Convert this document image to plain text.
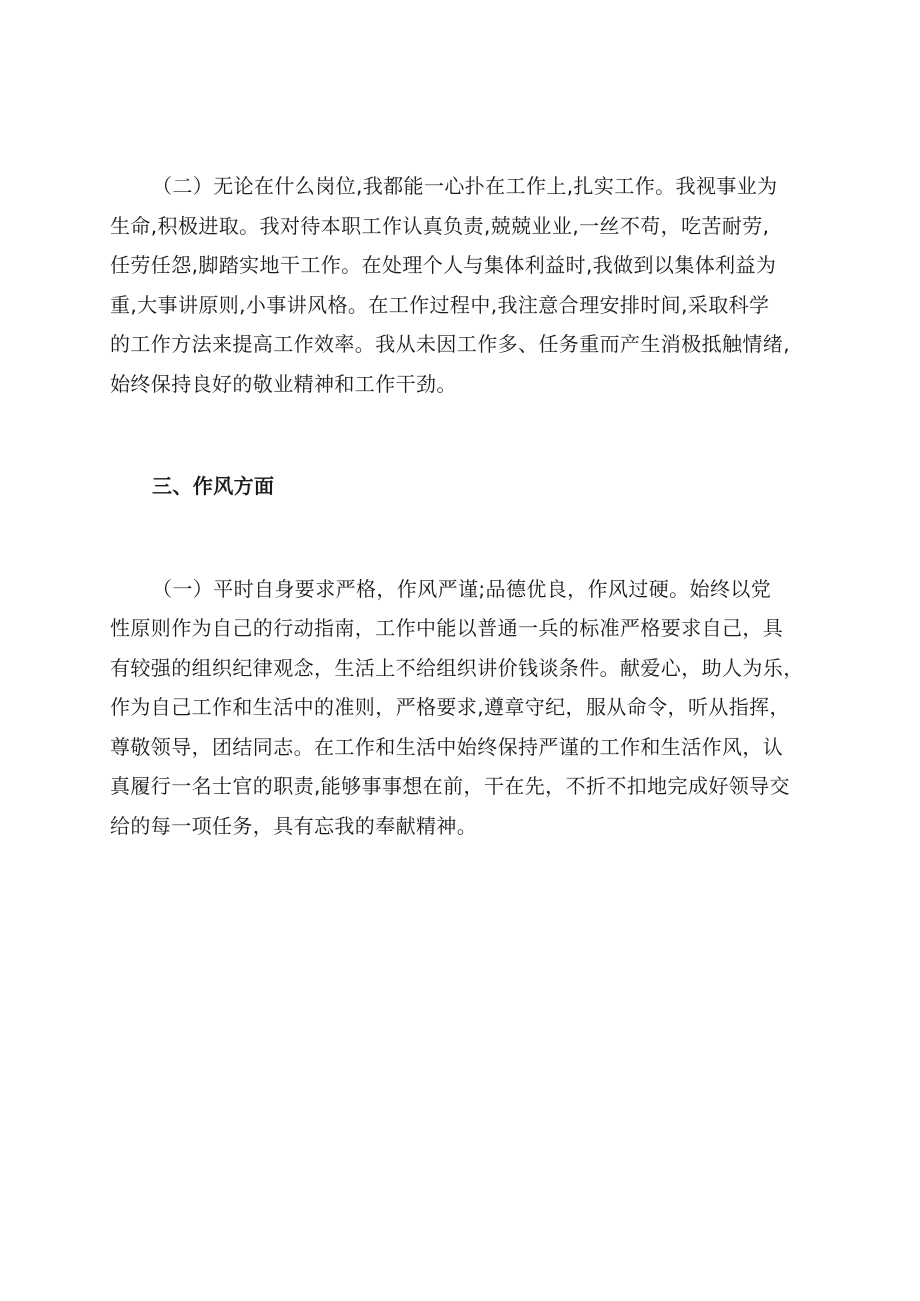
（二）无论在什么岗位,我都能一心扑在工作上,扎实工作。我视事业为
生命,积极进取。我对待本职工作认真负责,兢兢业业,一丝不苟，吃苦耐劳,
任劳任怨,脚踏实地干工作。在处理个人与集体利益时,我做到以集体利益为
重,大事讲原则,小事讲风格。在工作过程中,我注意合理安排时间,采取科学
的工作方法来提高工作效率。我从未因工作多、任务重而产生消极抵触情绪,
始终保持良好的敬业精神和工作干劲。

三、作风方面

（一）平时自身要求严格，作风严谨;品德优良，作风过硬。始终以党
性原则作为自己的行动指南，工作中能以普通一兵的标准严格要求自己，具
有较强的组织纪律观念，生活上不给组织讲价钱谈条件。献爱心，助人为乐，
作为自己工作和生活中的准则，严格要求,遵章守纪，服从命令，听从指挥，
尊敬领导，团结同志。在工作和生活中始终保持严谨的工作和生活作风，认
真履行一名士官的职责,能够事事想在前，干在先，不折不扣地完成好领导交
给的每一项任务，具有忘我的奉献精神。
